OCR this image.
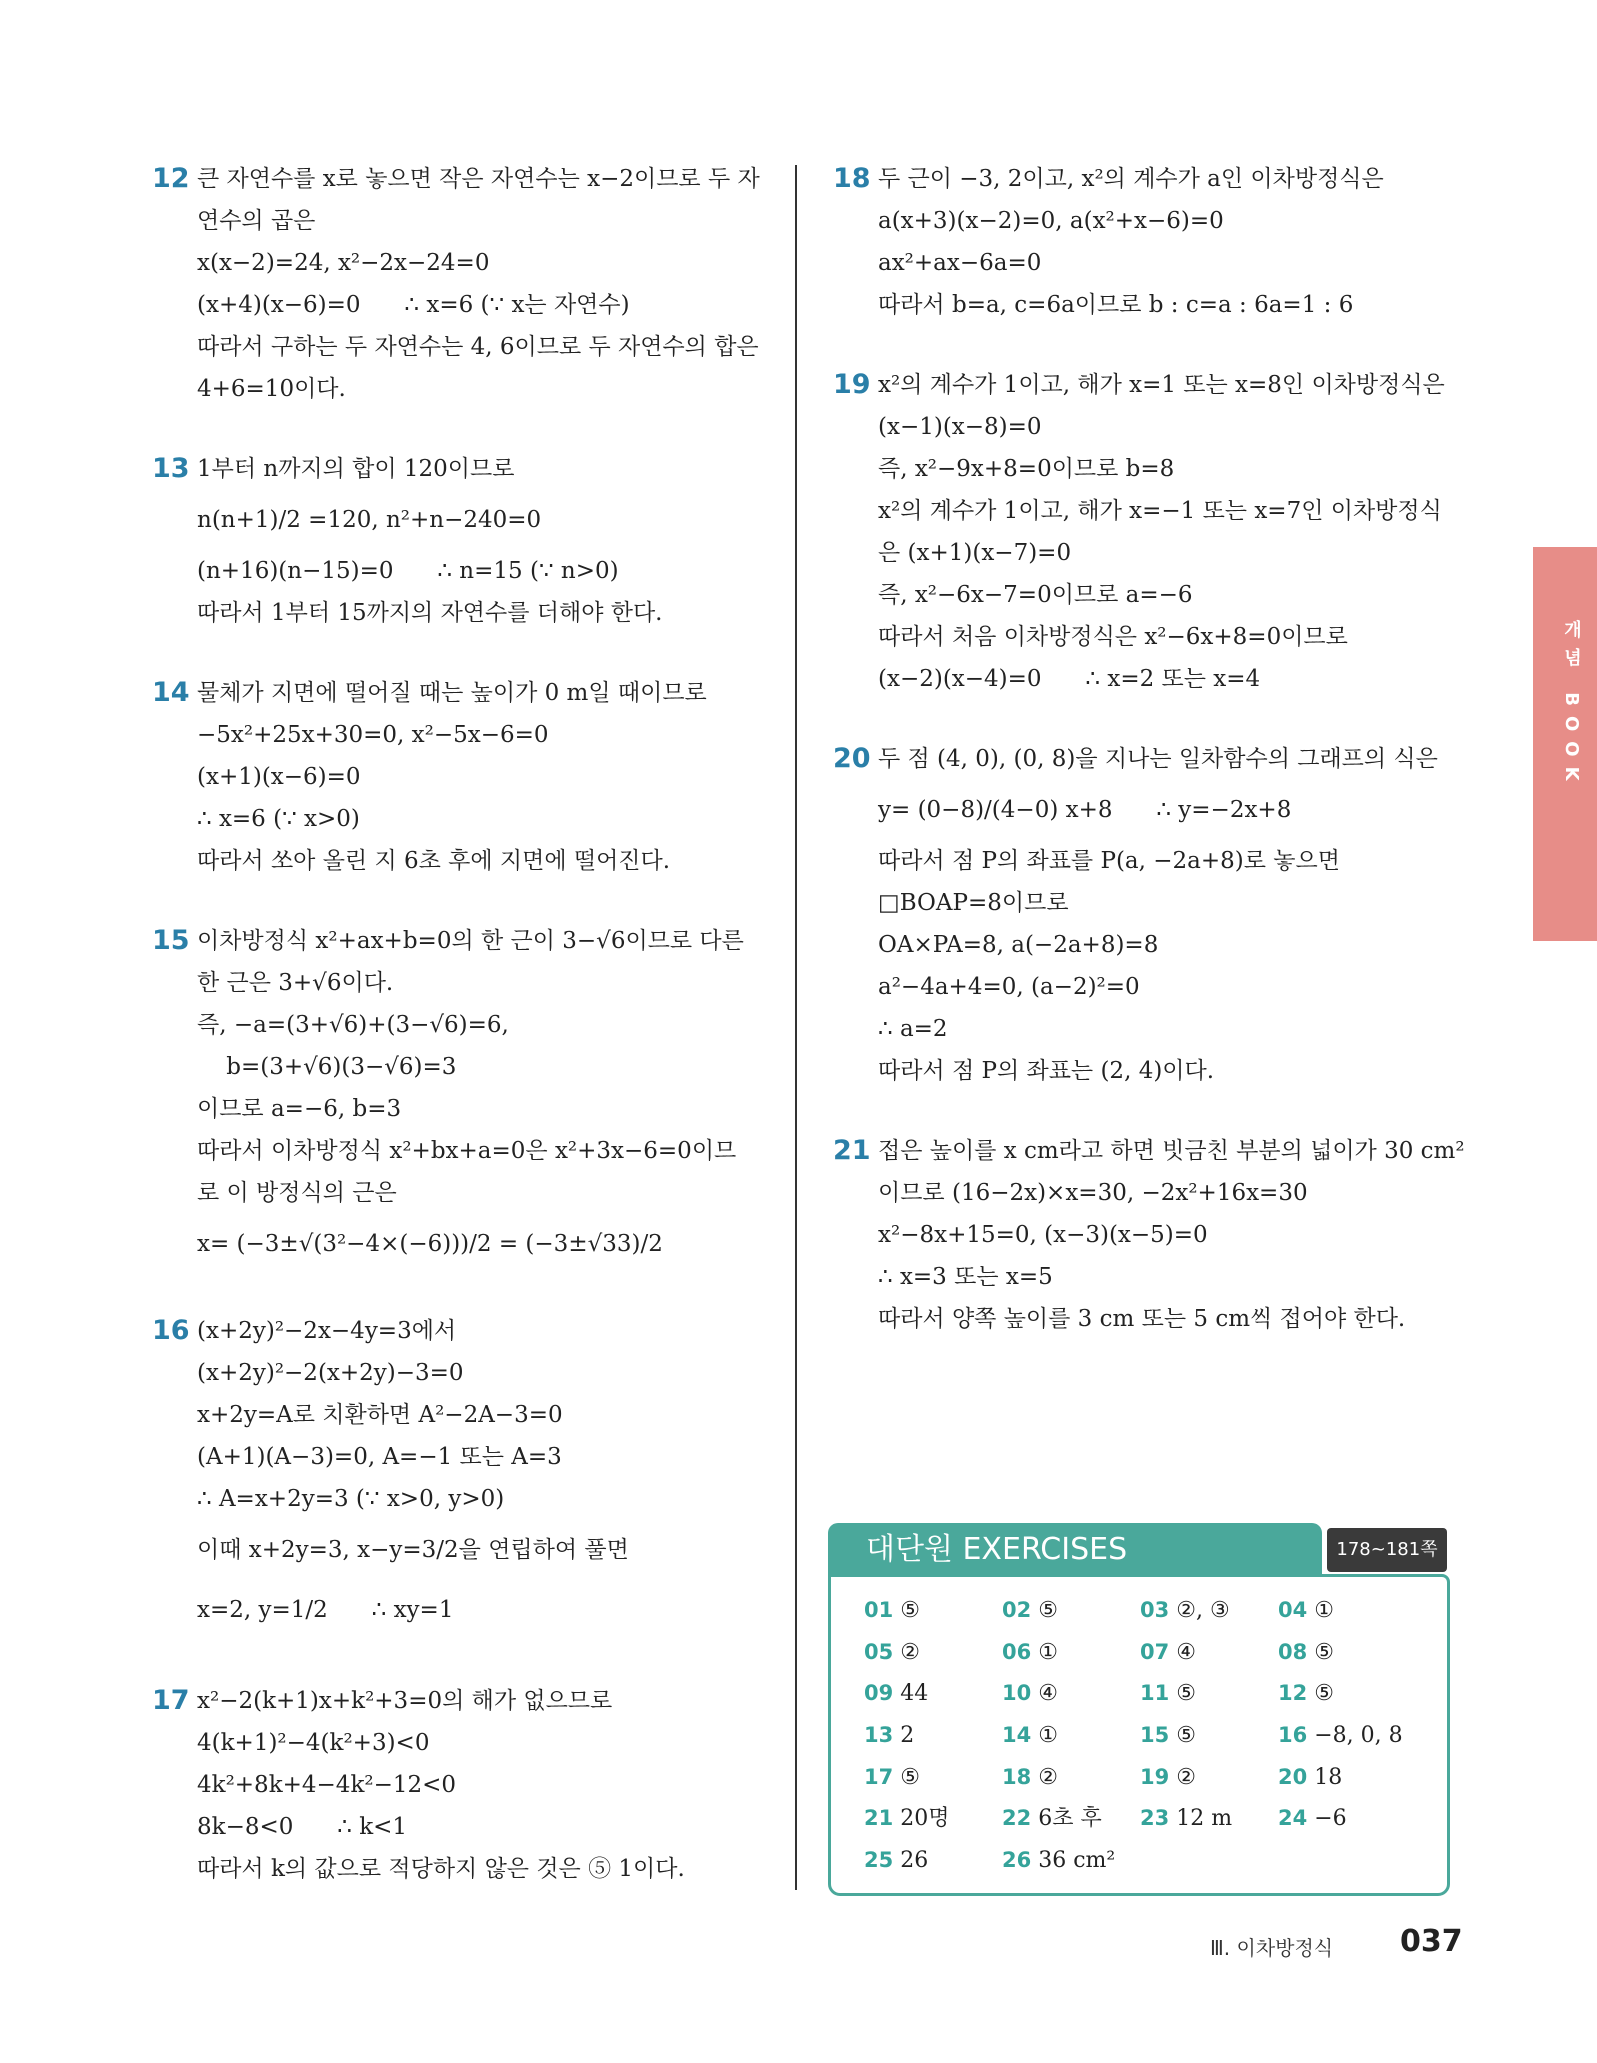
12 큰 자연수를 x로 놓으면 작은 자연수는 x−2이므로 두 자
연수의 곱은
x(x−2)=24, x²−2x−24=0
(x+4)(x−6)=0      ∴ x=6 (∵ x는 자연수)
따라서 구하는 두 자연수는 4, 6이므로 두 자연수의 합은
4+6=10이다.
13 1부터 n까지의 합이 120이므로
n(n+1)/2 =120, n²+n−240=0
(n+16)(n−15)=0      ∴ n=15 (∵ n>0)
따라서 1부터 15까지의 자연수를 더해야 한다.
14 물체가 지면에 떨어질 때는 높이가 0 m일 때이므로
−5x²+25x+30=0, x²−5x−6=0
(x+1)(x−6)=0
∴ x=6 (∵ x>0)
따라서 쏘아 올린 지 6초 후에 지면에 떨어진다.
15 이차방정식 x²+ax+b=0의 한 근이 3−√6이므로 다른
한 근은 3+√6이다.
즉, −a=(3+√6)+(3−√6)=6,
b=(3+√6)(3−√6)=3
이므로 a=−6, b=3
따라서 이차방정식 x²+bx+a=0은 x²+3x−6=0이므
로 이 방정식의 근은
x= (−3±√(3²−4×(−6)))/2 = (−3±√33)/2
16 (x+2y)²−2x−4y=3에서
(x+2y)²−2(x+2y)−3=0
x+2y=A로 치환하면 A²−2A−3=0
(A+1)(A−3)=0, A=−1 또는 A=3
∴ A=x+2y=3 (∵ x>0, y>0)
이때 x+2y=3, x−y=3/2을 연립하여 풀면
x=2, y=1/2      ∴ xy=1
17 x²−2(k+1)x+k²+3=0의 해가 없으므로
4(k+1)²−4(k²+3)<0
4k²+8k+4−4k²−12<0
8k−8<0      ∴ k<1
따라서 k의 값으로 적당하지 않은 것은 ⑤ 1이다.
18 두 근이 −3, 2이고, x²의 계수가 a인 이차방정식은
a(x+3)(x−2)=0, a(x²+x−6)=0
ax²+ax−6a=0
따라서 b=a, c=6a이므로 b : c=a : 6a=1 : 6
19 x²의 계수가 1이고, 해가 x=1 또는 x=8인 이차방정식은
(x−1)(x−8)=0
즉, x²−9x+8=0이므로 b=8
x²의 계수가 1이고, 해가 x=−1 또는 x=7인 이차방정식
은 (x+1)(x−7)=0
즉, x²−6x−7=0이므로 a=−6
따라서 처음 이차방정식은 x²−6x+8=0이므로
(x−2)(x−4)=0      ∴ x=2 또는 x=4
20 두 점 (4, 0), (0, 8)을 지나는 일차함수의 그래프의 식은
y= (0−8)/(4−0) x+8      ∴ y=−2x+8
따라서 점 P의 좌표를 P(a, −2a+8)로 놓으면
□BOAP=8이므로
OA×PA=8, a(−2a+8)=8
a²−4a+4=0, (a−2)²=0
∴ a=2
따라서 점 P의 좌표는 (2, 4)이다.
21 접은 높이를 x cm라고 하면 빗금친 부분의 넓이가 30 cm²
이므로 (16−2x)×x=30, −2x²+16x=30
x²−8x+15=0, (x−3)(x−5)=0
∴ x=3 또는 x=5
따라서 양쪽 높이를 3 cm 또는 5 cm씩 접어야 한다.
개념 BOOK
대단원 EXERCISES	178~181쪽
01 ⑤	02 ⑤	03 ②, ③	04 ①
05 ②	06 ①	07 ④	08 ⑤
09 44	10 ④	11 ⑤	12 ⑤
13 2	14 ①	15 ⑤	16 −8, 0, 8
17 ⑤	18 ②	19 ②	20 18
21 20명	22 6초 후	23 12 m	24 −6
25 26	26 36 cm²
Ⅲ. 이차방정식 037
